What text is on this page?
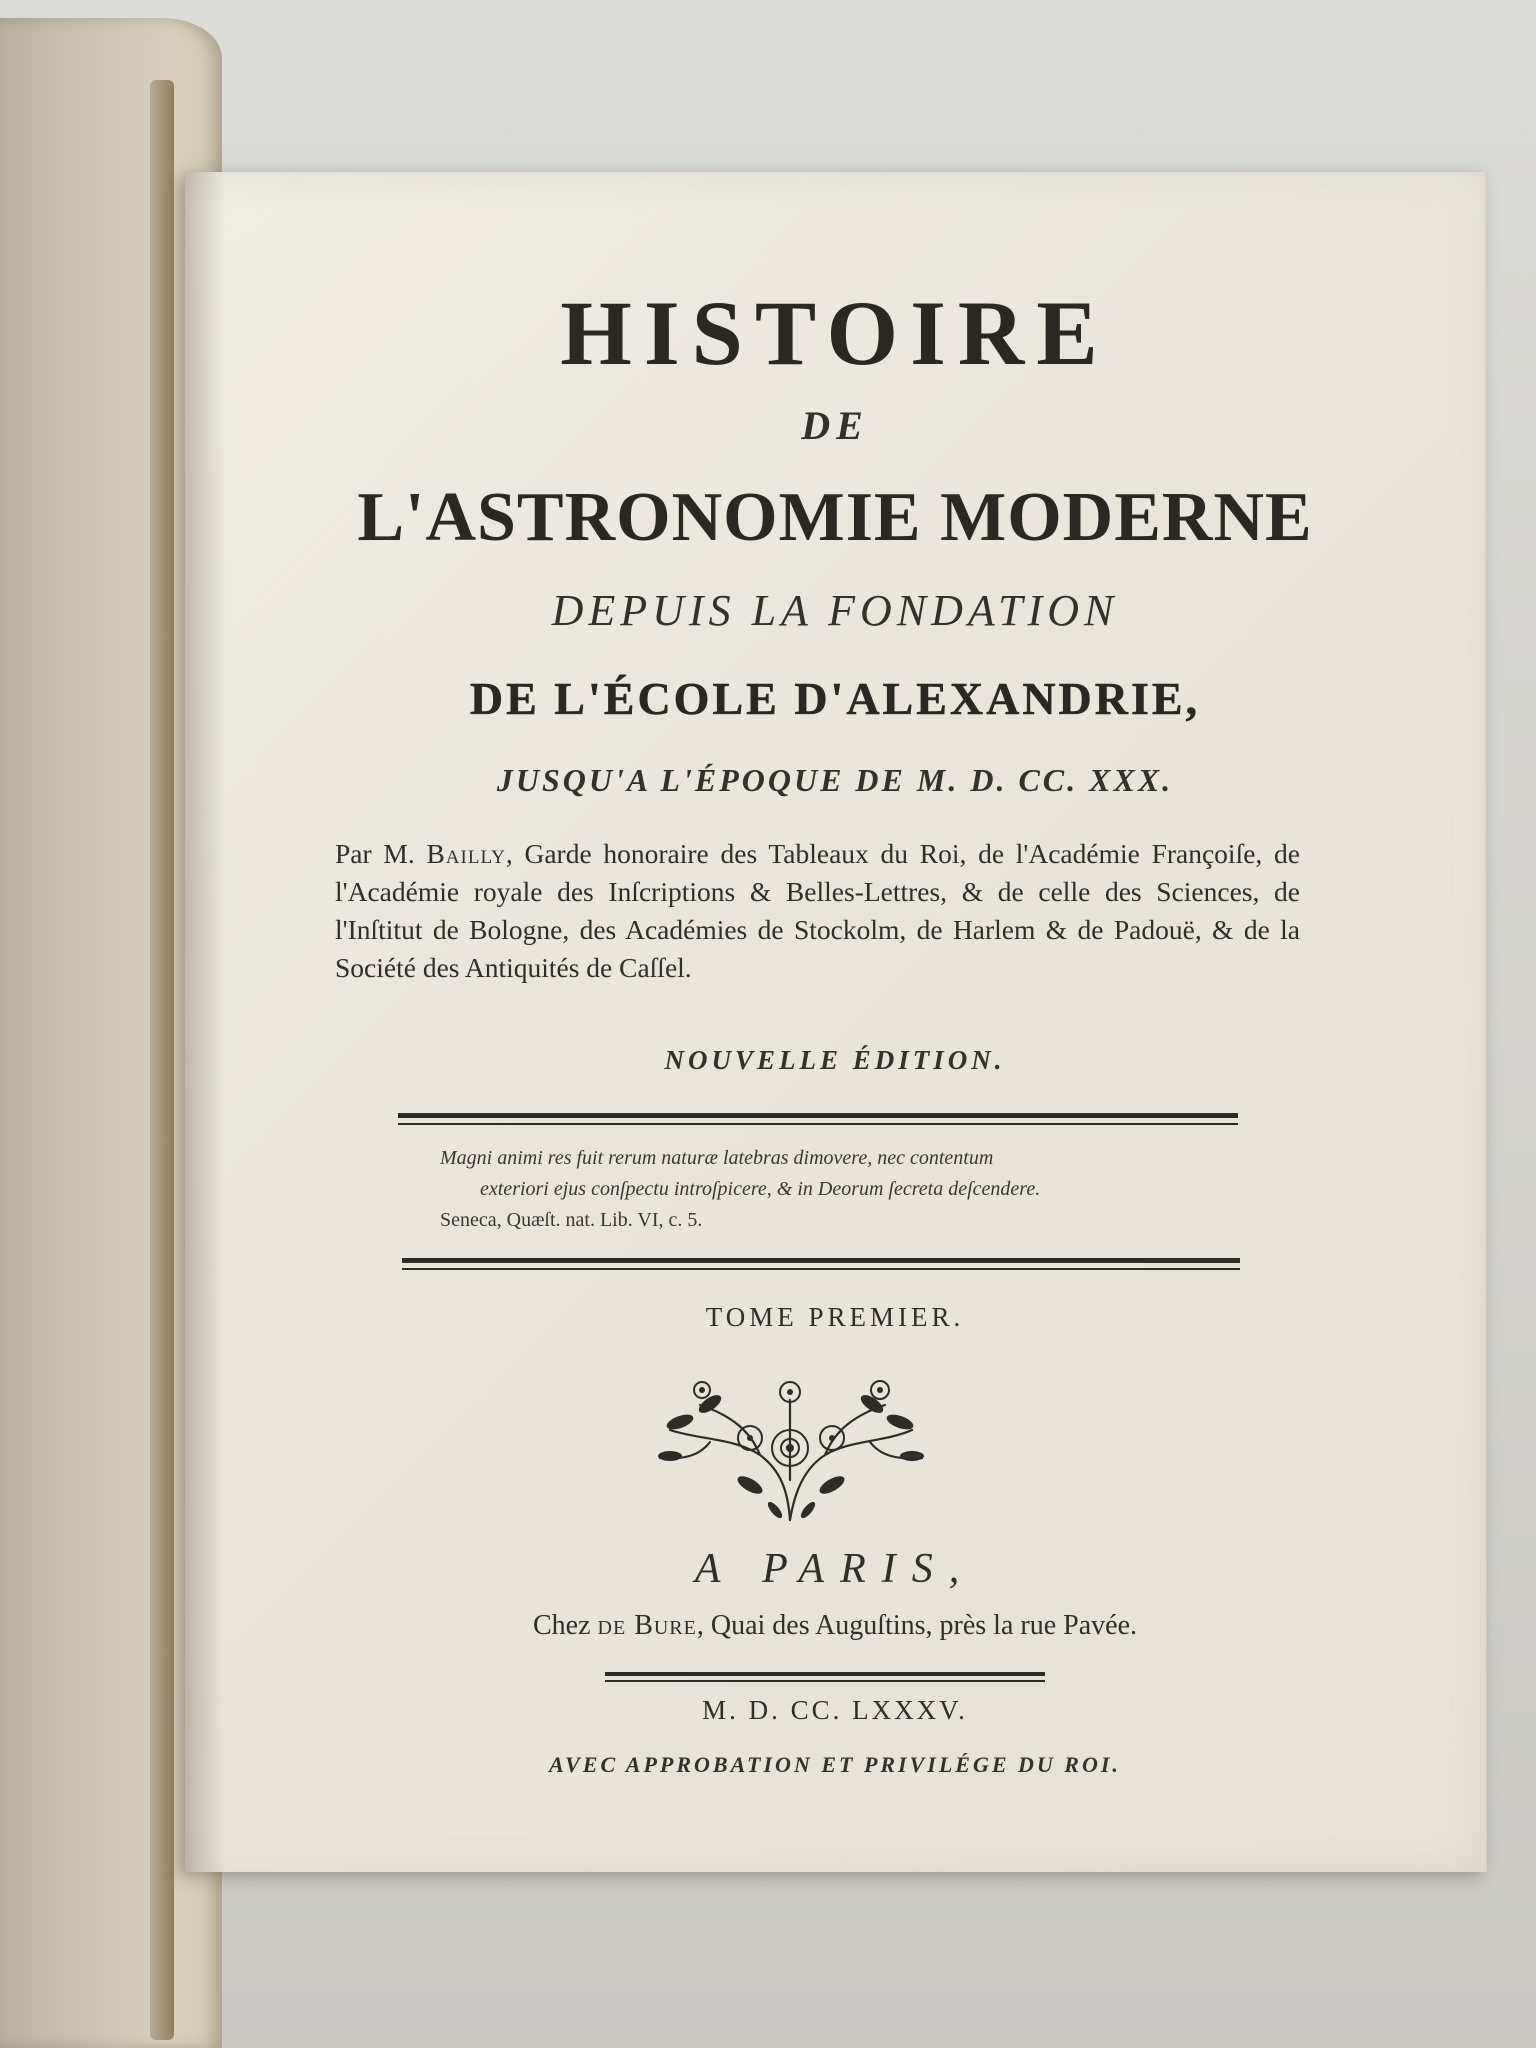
HISTOIRE
DE
L'ASTRONOMIE MODERNE
DEPUIS LA FONDATION
DE L'ÉCOLE D'ALEXANDRIE,
JUSQU'A L'ÉPOQUE DE M. D. CC. XXX.
Par M. Bailly, Garde honoraire des Tableaux du Roi, de l'Académie Françoiſe, de l'Académie royale des Inſcriptions & Belles-Lettres, & de celle des Sciences, de l'Inſtitut de Bologne, des Académies de Stockolm, de Harlem & de Padouë, & de la Société des Antiquités de Caſſel.
NOUVELLE ÉDITION.
Magni animi res fuit rerum naturæ latebras dimovere, nec contentum
exteriori ejus conſpectu introſpicere, & in Deorum ſecreta deſcendere.
Seneca, Quæſt. nat. Lib. VI, c. 5.
TOME PREMIER.
A PARIS,
Chez de Bure, Quai des Auguſtins, près la rue Pavée.
M. D. CC. LXXXV.
AVEC APPROBATION ET PRIVILÉGE DU ROI.
